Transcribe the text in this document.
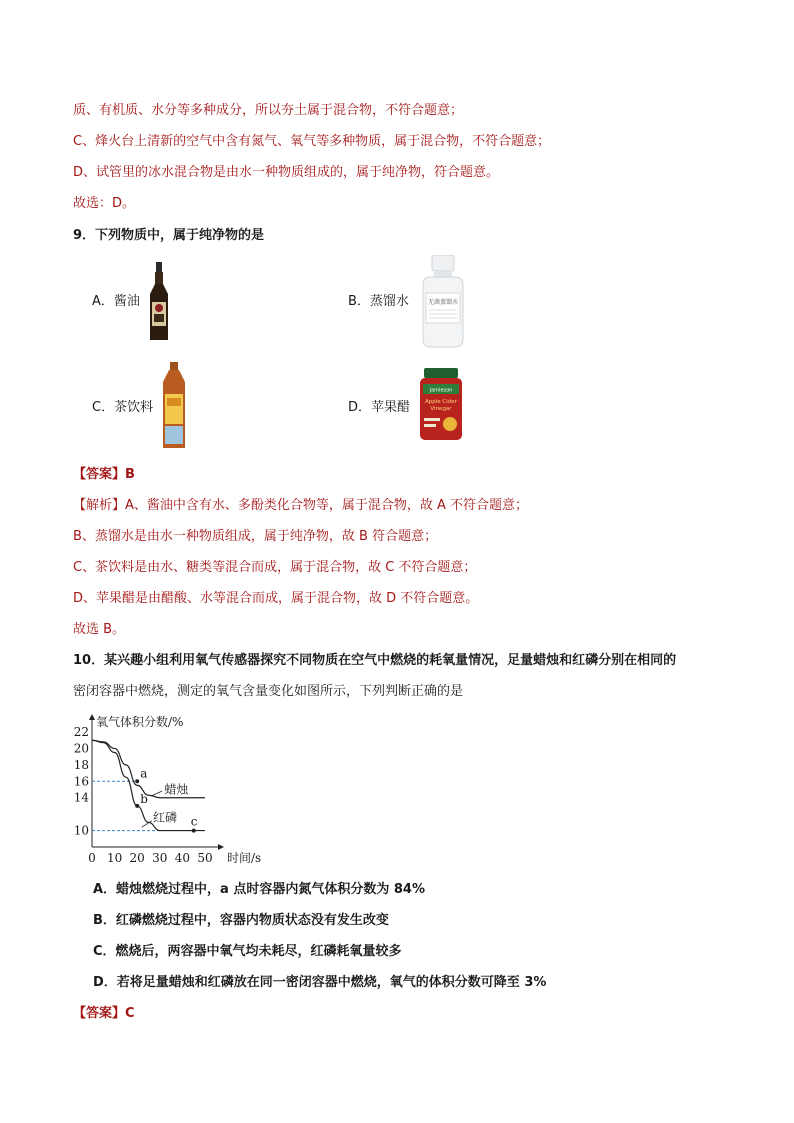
质、有机质、水分等多种成分，所以夯土属于混合物，不符合题意；
C、烽火台上清新的空气中含有氮气、氧气等多种物质，属于混合物，不符合题意；
D、试管里的冰水混合物是由水一种物质组成的，属于纯净物，符合题意。
故选：D。
9．下列物质中，属于纯净物的是
A．酱油	B．蒸馏水	无菌蒸馏水
C．茶饮料	D．苹果醋
Jamieson
Apple Cider
Vinegar
【答案】B
【解析】A、酱油中含有水、多酚类化合物等，属于混合物，故 A 不符合题意；
B、蒸馏水是由水一种物质组成，属于纯净物，故 B 符合题意；
C、茶饮料是由水、糖类等混合而成，属于混合物，故 C 不符合题意；
D、苹果醋是由醋酸、水等混合而成，属于混合物，故 D 不符合题意。
故选 B。
10．某兴趣小组利用氧气传感器探究不同物质在空气中燃烧的耗氧量情况，足量蜡烛和红磷分别在相同的
密闭容器中燃烧，测定的氧气含量变化如图所示，下列判断正确的是
氧气体积分数/%
时间/s
0 10 20 30 40 50
10
14
16
18
20
22
蜡烛
红磷
a
b
c
A．蜡烛燃烧过程中，a 点时容器内氮气体积分数为 84%
B．红磷燃烧过程中，容器内物质状态没有发生改变
C．燃烧后，两容器中氧气均未耗尽，红磷耗氧量较多
D．若将足量蜡烛和红磷放在同一密闭容器中燃烧，氧气的体积分数可降至 3%
【答案】C
